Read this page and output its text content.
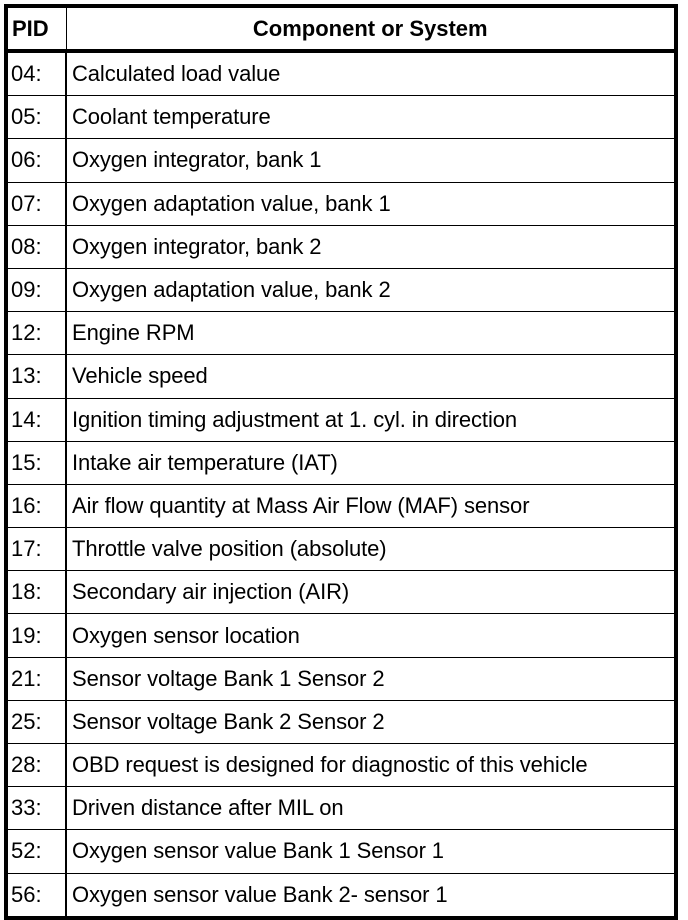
PID	Component or System
04:	Calculated load value
05:	Coolant temperature
06:	Oxygen integrator, bank 1
07:	Oxygen adaptation value, bank 1
08:	Oxygen integrator, bank 2
09:	Oxygen adaptation value, bank 2
12:	Engine RPM
13:	Vehicle speed
14:	Ignition timing adjustment at 1. cyl. in direction
15:	Intake air temperature (IAT)
16:	Air flow quantity at Mass Air Flow (MAF) sensor
17:	Throttle valve position (absolute)
18:	Secondary air injection (AIR)
19:	Oxygen sensor location
21:	Sensor voltage Bank 1 Sensor 2
25:	Sensor voltage Bank 2 Sensor 2
28:	OBD request is designed for diagnostic of this vehicle
33:	Driven distance after MIL on
52:	Oxygen sensor value Bank 1 Sensor 1
56:	Oxygen sensor value Bank 2- sensor 1
